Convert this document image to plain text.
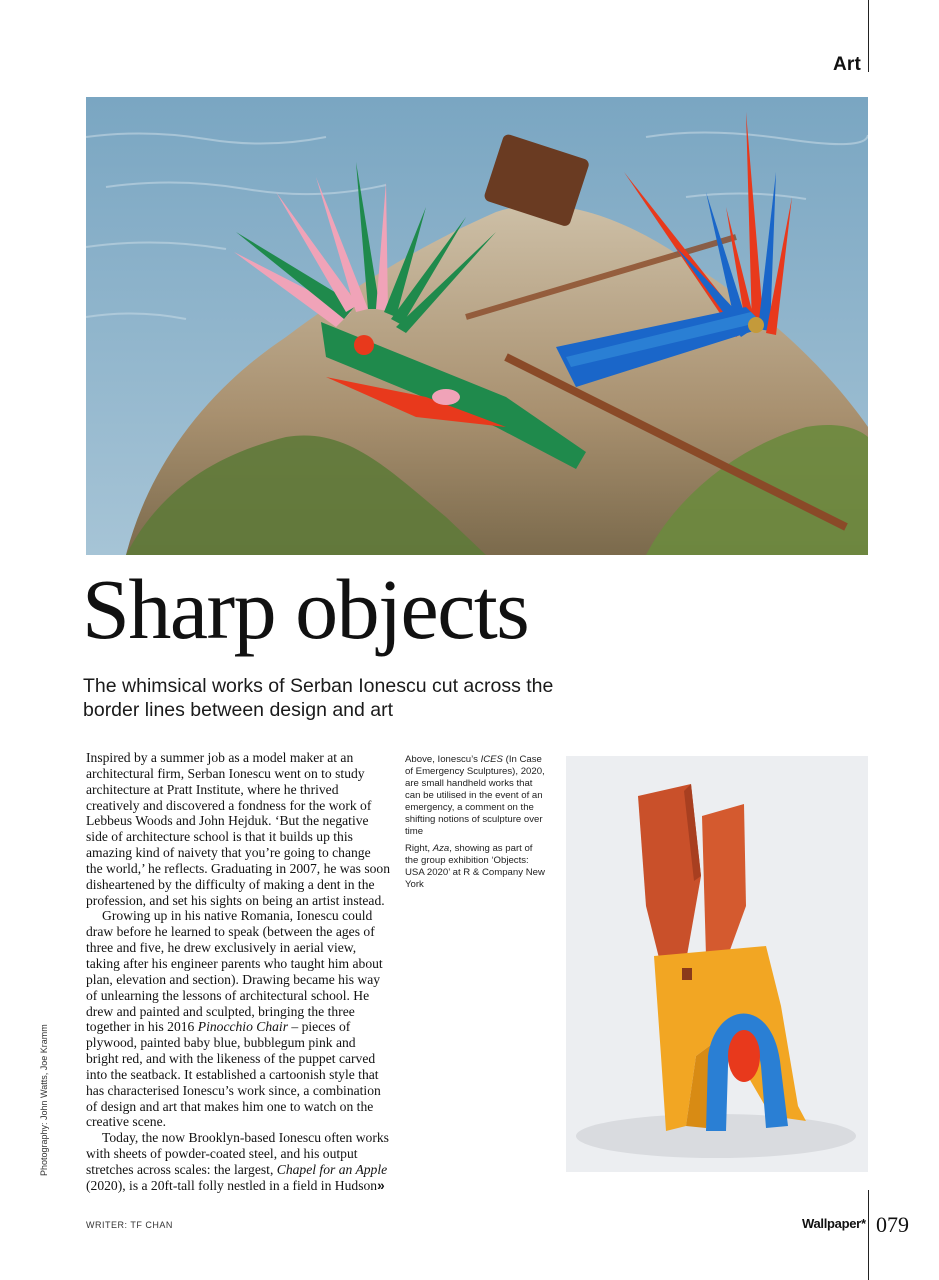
Art
Sharp objects

The whimsical works of Serban Ionescu cut across the border lines between design and art

Inspired by a summer job as a model maker at an architectural firm, Serban Ionescu went on to study architecture at Pratt Institute, where he thrived creatively and discovered a fondness for the work of Lebbeus Woods and John Hejduk. ‘But the negative side of architecture school is that it builds up this amazing kind of naivety that you’re going to change the world,’ he reflects. Graduating in 2007, he was soon disheartened by the difficulty of making a dent in the profession, and set his sights on being an artist instead.

Growing up in his native Romania, Ionescu could draw before he learned to speak (between the ages of three and five, he drew exclusively in aerial view, taking after his engineer parents who taught him about plan, elevation and section). Drawing became his way of unlearning the lessons of architectural school. He drew and painted and sculpted, bringing the three together in his 2016 Pinocchio Chair – pieces of plywood, painted baby blue, bubblegum pink and bright red, and with the likeness of the puppet carved into the seatback. It established a cartoonish style that has characterised Ionescu’s work since, a combination of design and art that makes him one to watch on the creative scene.

Today, the now Brooklyn-based Ionescu often works with sheets of powder-coated steel, and his output stretches across scales: the largest, Chapel for an Apple (2020), is a 20ft-tall folly nestled in a field in Hudson»

Photography: John Watts, Joe Kramm

Above, Ionescu’s ICES (In Case of Emergency Sculptures), 2020, are small handheld works that can be utilised in the event of an emergency, a comment on the shifting notions of sculpture over time

Right, Aza, showing as part of the group exhibition ‘Objects: USA 2020’ at R & Company New York

WRITER: TF CHAN	Wallpaper* 079
